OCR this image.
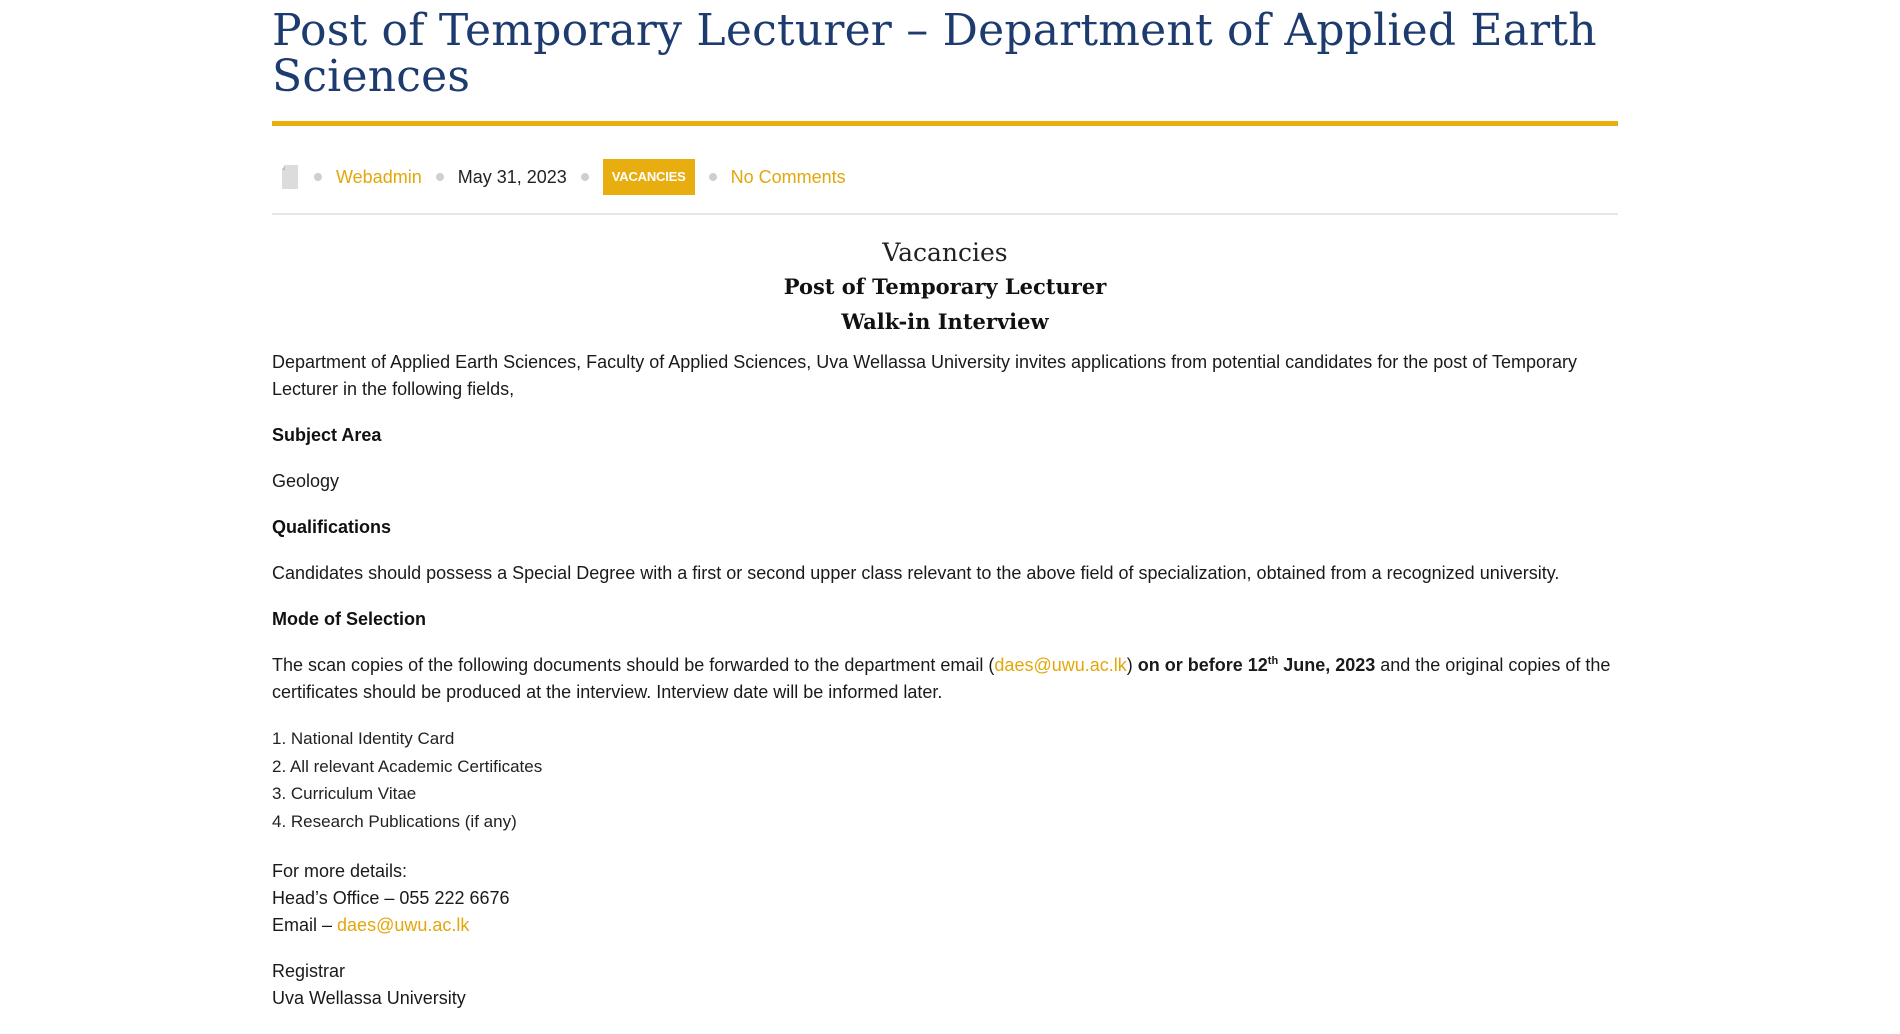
Post of Temporary Lecturer – Department of Applied Earth Sciences
Webadmin May 31, 2023	VACANCIES	No Comments
Vacancies
Post of Temporary Lecturer
Walk-in Interview

Department of Applied Earth Sciences, Faculty of Applied Sciences, Uva Wellassa University invites applications from potential candidates for the post of Temporary Lecturer in the following fields,

Subject Area

Geology

Qualifications

Candidates should possess a Special Degree with a first or second upper class relevant to the above field of specialization, obtained from a recognized university.

Mode of Selection

The scan copies of the following documents should be forwarded to the department email (daes@uwu.ac.lk) on or before 12th June, 2023 and the original copies of the certificates should be produced at the interview. Interview date will be informed later.

1. National Identity Card
2. All relevant Academic Certificates
3. Curriculum Vitae
4. Research Publications (if any)

For more details:
Head’s Office – 055 222 6676
Email – daes@uwu.ac.lk

Registrar
Uva Wellassa University
